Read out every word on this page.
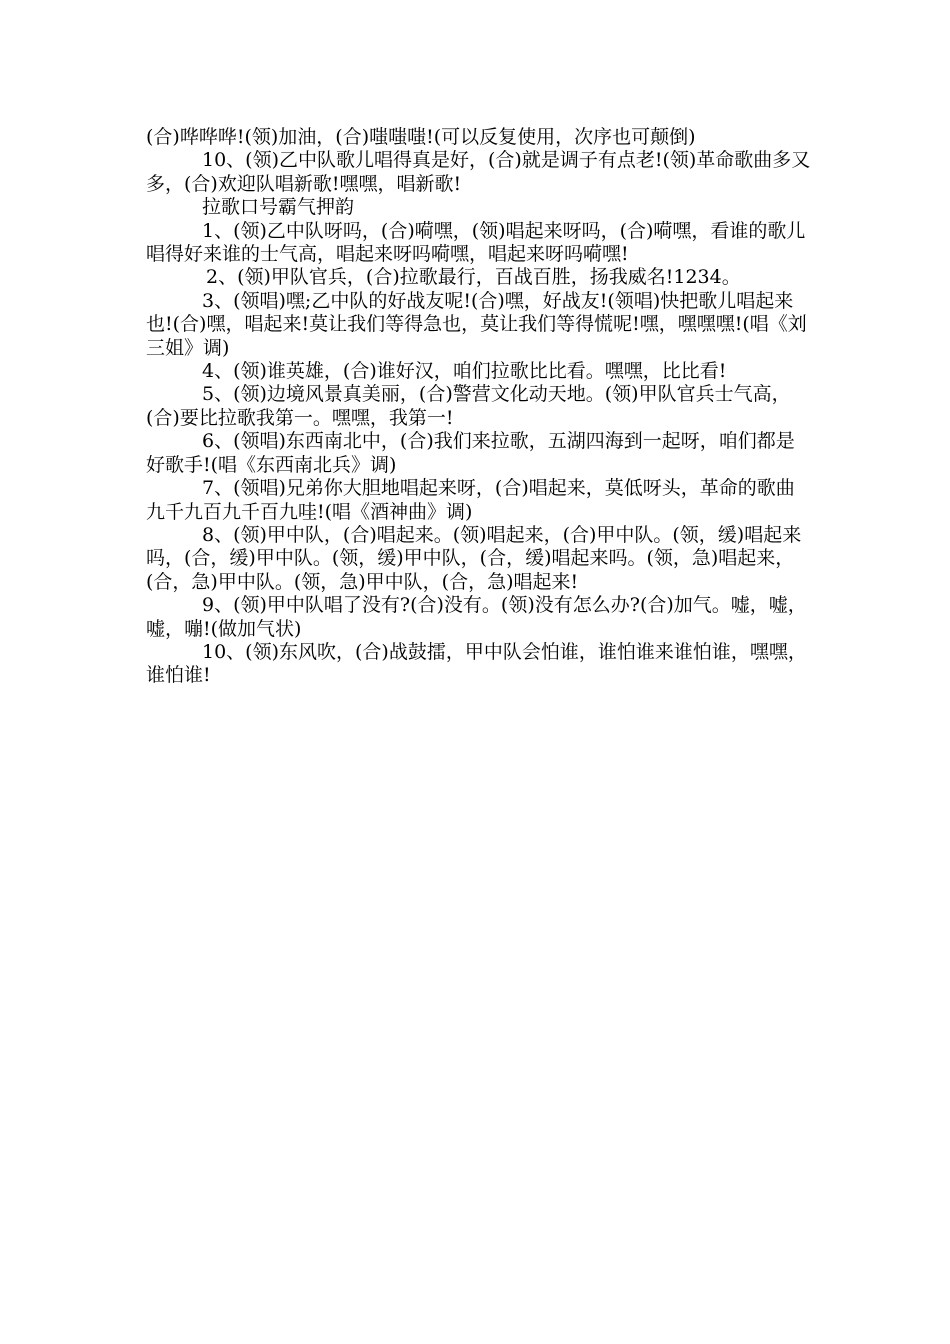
(合)哗哗哗!(领)加油，(合)嗤嗤嗤!(可以反复使用，次序也可颠倒)

10、(领)乙中队歌儿唱得真是好，(合)就是调子有点老!(领)革命歌曲多又多，(合)欢迎队唱新歌!嘿嘿，唱新歌!

拉歌口号霸气押韵

1、(领)乙中队呀吗，(合)嗬嘿，(领)唱起来呀吗，(合)嗬嘿，看谁的歌儿唱得好来谁的士气高，唱起来呀吗嗬嘿，唱起来呀吗嗬嘿!

2、(领)甲队官兵，(合)拉歌最行，百战百胜，扬我威名!1234。

3、(领唱)嘿;乙中队的好战友呢!(合)嘿，好战友!(领唱)快把歌儿唱起来也!(合)嘿，唱起来!莫让我们等得急也，莫让我们等得慌呢!嘿，嘿嘿嘿!(唱《刘三姐》调)

4、(领)谁英雄，(合)谁好汉，咱们拉歌比比看。嘿嘿，比比看!

5、(领)边境风景真美丽，(合)警营文化动天地。(领)甲队官兵士气高，(合)要比拉歌我第一。嘿嘿，我第一!

6、(领唱)东西南北中，(合)我们来拉歌，五湖四海到一起呀，咱们都是好歌手!(唱《东西南北兵》调)

7、(领唱)兄弟你大胆地唱起来呀，(合)唱起来，莫低呀头，革命的歌曲九千九百九千百九哇!(唱《酒神曲》调)

8、(领)甲中队，(合)唱起来。(领)唱起来，(合)甲中队。(领，缓)唱起来吗，(合，缓)甲中队。(领，缓)甲中队，(合，缓)唱起来吗。(领，急)唱起来，(合，急)甲中队。(领，急)甲中队，(合，急)唱起来!

9、(领)甲中队唱了没有?(合)没有。(领)没有怎么办?(合)加气。嘘，嘘，嘘，嘣!(做加气状)

10、(领)东风吹，(合)战鼓擂，甲中队会怕谁，谁怕谁来谁怕谁，嘿嘿，谁怕谁!
